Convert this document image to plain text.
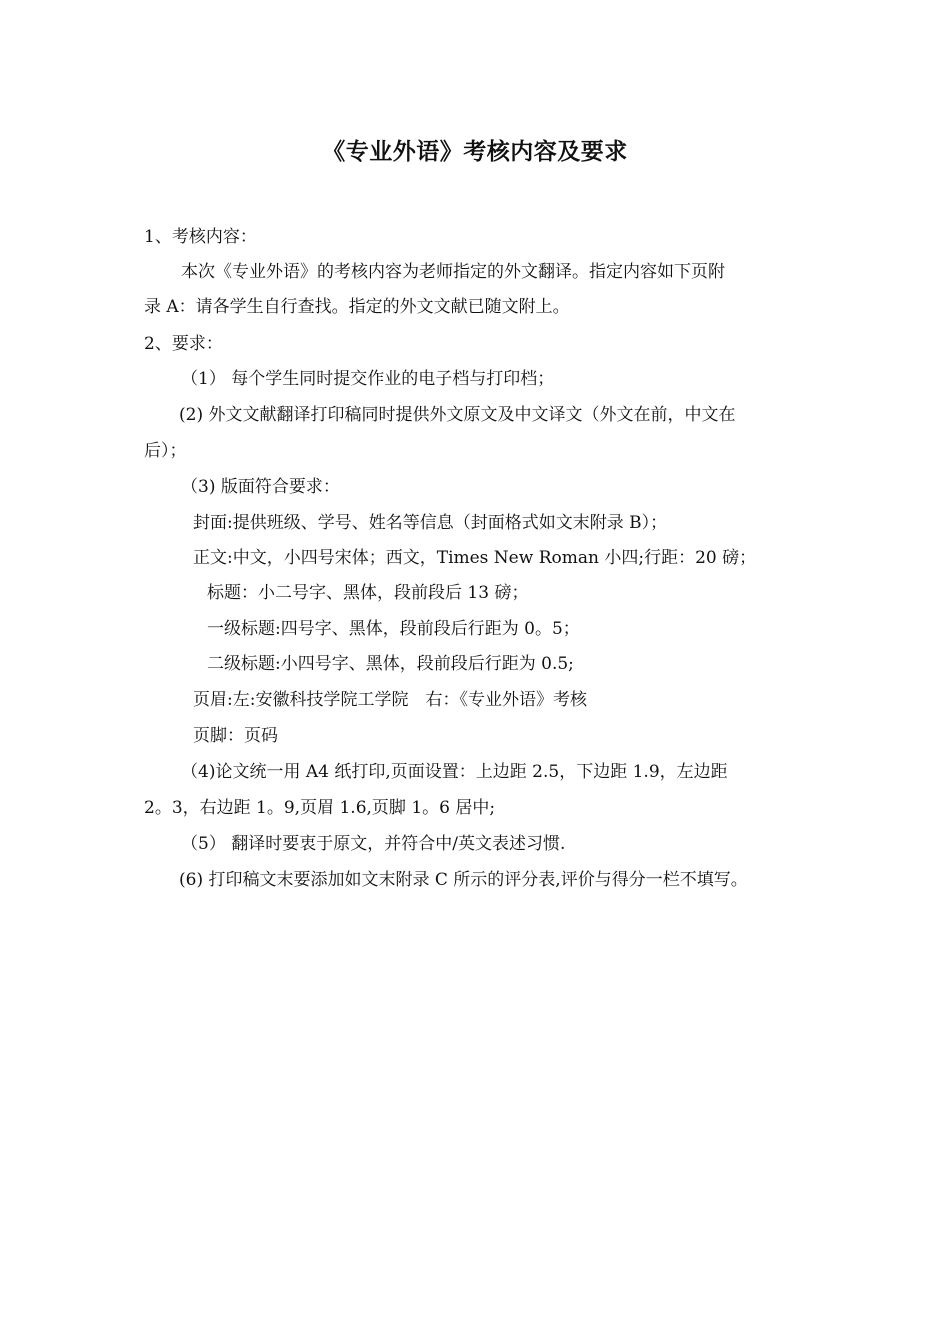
《专业外语》考核内容及要求
1、考核内容：
本次《专业外语》的考核内容为老师指定的外文翻译。指定内容如下页附
录 A：请各学生自行查找。指定的外文文献已随文附上。
2、要求：
（1） 每个学生同时提交作业的电子档与打印档；
(2) 外文文献翻译打印稿同时提供外文原文及中文译文（外文在前，中文在
后）；
（3) 版面符合要求：
封面:提供班级、学号、姓名等信息（封面格式如文末附录 B）；
正文:中文，小四号宋体；西文，Times New Roman 小四;行距：20 磅；
标题：小二号字、黑体，段前段后 13 磅；
一级标题:四号字、黑体，段前段后行距为 0。5；
二级标题:小四号字、黑体，段前段后行距为 0.5;
页眉:左:安徽科技学院工学院　右：《专业外语》考核
页脚：页码
（4)论文统一用 A4 纸打印,页面设置：上边距 2.5，下边距 1.9，左边距
2。3，右边距 1。9,页眉 1.6,页脚 1。6 居中;
（5） 翻译时要衷于原文，并符合中/英文表述习惯.
(6) 打印稿文末要添加如文末附录 C 所示的评分表,评价与得分一栏不填写。
